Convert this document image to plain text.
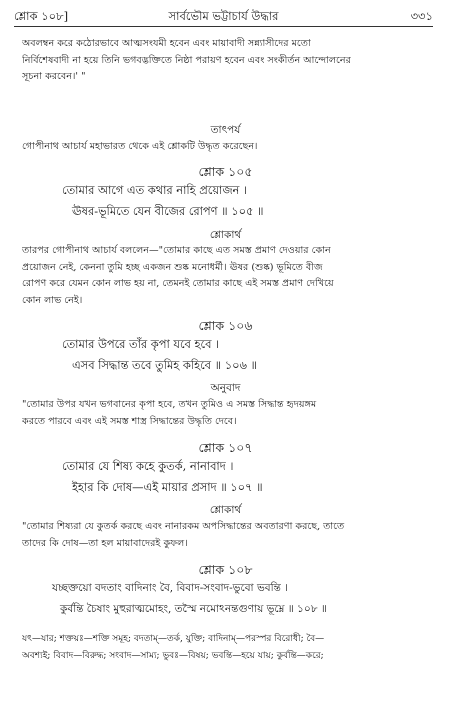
শ্লোক ১০৮]	সার্বভৌম ভট্টাচার্য উদ্ধার	৩৩১
অবলম্বন করে কঠোরভাবে আত্মসংযমী হবেন এবং মায়াবাদী সন্ন্যাসীদের মতো
নির্বিশেষবাদী না হয়ে তিনি ভগবদ্ভক্তিতে নিষ্ঠা পরায়ণ হবেন এবং সংকীর্তন আন্দোলনের
সূচনা করবেন।' "
তাৎপর্য
গোপীনাথ আচার্য মহাভারত থেকে এই শ্লোকটি উদ্ধৃত করেছেন।
শ্লোক ১০৫
তোমার আগে এত কথার নাহি প্রয়োজন ।
ঊষর-ভূমিতে যেন বীজের রোপণ ॥ ১০৫ ॥
শ্লোকার্থ
তারপর গোপীনাথ আচার্য বললেন—"তোমার কাছে এত সমস্ত প্রমাণ দেওয়ার কোন
প্রয়োজন নেই, কেননা তুমি হচ্ছ একজন শুষ্ক মনোধর্মী। ঊষর (শুষ্ক) ভূমিতে বীজ
রোপণ করে যেমন কোন লাভ হয় না, তেমনই তোমার কাছে এই সমস্ত প্রমাণ দেখিয়ে
কোন লাভ নেই।
শ্লোক ১০৬
তোমার উপরে তাঁর কৃপা যবে হবে ।
এসব সিদ্ধান্ত তবে তুমিহ কহিবে ॥ ১০৬ ॥
অনুবাদ
"তোমার উপর যখন ভগবানের কৃপা হবে, তখন তুমিও এ সমস্ত সিদ্ধান্ত হৃদয়ঙ্গম
করতে পারবে এবং এই সমস্ত শাস্ত্র সিদ্ধান্তের উদ্ধৃতি দেবে।
শ্লোক ১০৭
তোমার যে শিষ্য কহে কুতর্ক, নানাবাদ ।
ইহার কি দোষ—এই মায়ার প্রসাদ ॥ ১০৭ ॥
শ্লোকার্থ
"তোমার শিষ্যরা যে কুতর্ক করছে এবং নানারকম অপসিদ্ধান্তের অবতারণা করছে, তাতে
তাদের কি দোষ—তা হল মায়াবাদেরই কুফল।
শ্লোক ১০৮
যচ্ছক্তয়ো বদতাং বাদিনাং বৈ, বিবাদ-সংবাদ-ভুবো ভবন্তি ।
কুর্বন্তি চৈষাং মুহুরাত্মমোহং, তস্মৈ নমোঽনন্তগুণায় ভূম্নে ॥ ১০৮ ॥
যৎ—যার; শক্তয়ঃ—শক্তি সমূহ; বদতাম্—তর্ক, যুক্তি; বাদিনাম্—পরস্পর বিরোধী; বৈ—
অবশ্যই; বিবাদ—বিরুদ্ধ; সংবাদ—সাম্য; ভুবঃ—বিষয়; ভবন্তি—হয়ে যায়; কুর্বন্তি—করে;
